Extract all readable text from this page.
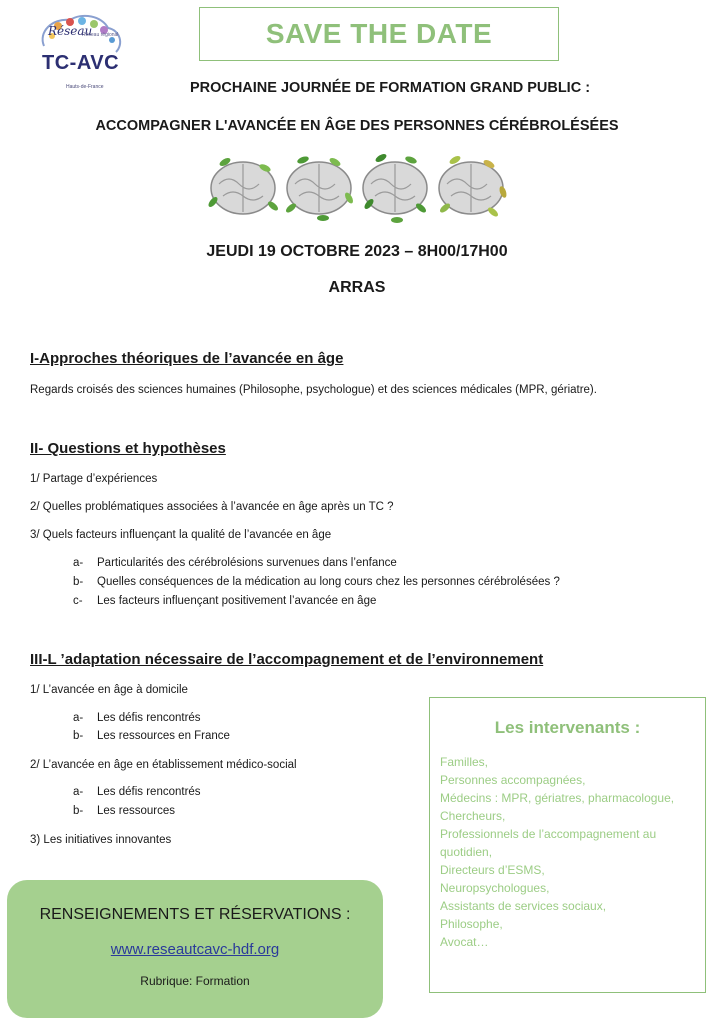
Réseau
Réseau régional
TC-AVC
Hauts-de-France
SAVE THE DATE
PROCHAINE JOURNÉE DE FORMATION GRAND PUBLIC :
ACCOMPAGNER L'AVANCÉE EN ÂGE DES PERSONNES CÉRÉBROLÉSÉES
JEUDI 19 OCTOBRE 2023 – 8H00/17H00
ARRAS
I-Approches théoriques de l’avancée en âge
Regards croisés des sciences humaines (Philosophe, psychologue) et des sciences médicales (MPR, gériatre).
II- Questions et hypothèses
1/ Partage d’expériences
2/ Quelles problématiques associées à l’avancée en âge après un TC ?
3/ Quels facteurs influençant la qualité de l’avancée en âge
a- Particularités des cérébrolésions survenues dans l’enfance
b- Quelles conséquences de la médication au long cours chez les personnes cérébrolésées ?
c- Les facteurs influençant positivement l’avancée en âge
III-L ’adaptation nécessaire de l’accompagnement et de l’environnement
1/ L’avancée en âge à domicile
a- Les défis rencontrés
b- Les ressources en France
2/ L’avancée en âge en établissement médico-social
a- Les défis rencontrés
b- Les ressources
3) Les initiatives innovantes
Les intervenants :
Familles,
Personnes accompagnées,
Médecins : MPR, gériatres, pharmacologue,
Chercheurs,
Professionnels de l’accompagnement au
quotidien,
Directeurs d’ESMS,
Neuropsychologues,
Assistants de services sociaux,
Philosophe,
Avocat…
RENSEIGNEMENTS ET RÉSERVATIONS :
www.reseautcavc-hdf.org
Rubrique: Formation
